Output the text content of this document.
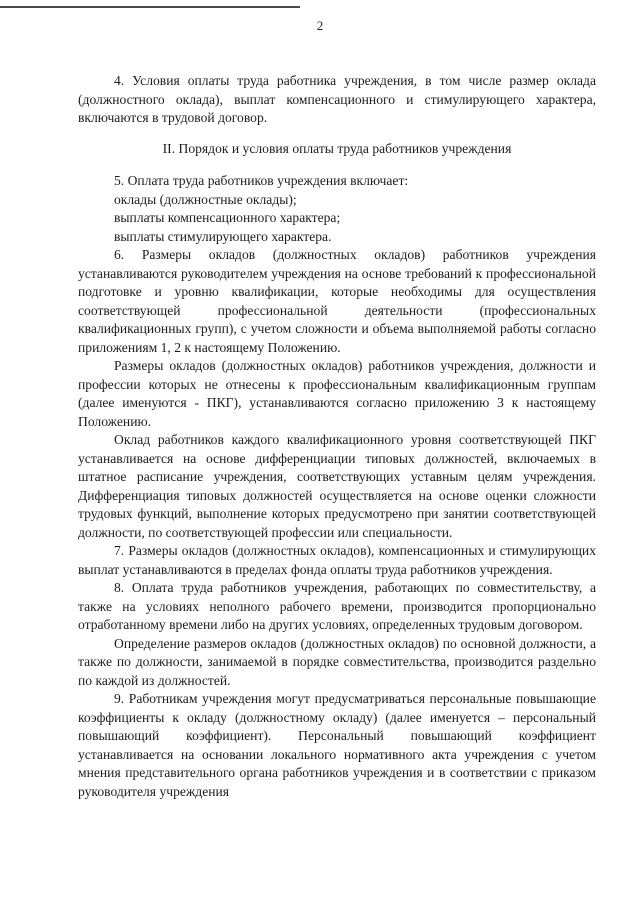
2

4. Условия оплаты труда работника учреждения, в том числе размер оклада (должностного оклада), выплат компенсационного и стимулирующего характера, включаются в трудовой договор.

II. Порядок и условия оплаты труда работников учреждения

5. Оплата труда работников учреждения включает:

оклады (должностные оклады);

выплаты компенсационного характера;

выплаты стимулирующего характера.

6. Размеры окладов (должностных окладов) работников учреждения устанавливаются руководителем учреждения на основе требований к профессиональной подготовке и уровню квалификации, которые необходимы для осуществления соответствующей профессиональной деятельности (профессиональных квалификационных групп), с учетом сложности и объема выполняемой работы согласно приложениям 1, 2 к настоящему Положению.

Размеры окладов (должностных окладов) работников учреждения, должности и профессии которых не отнесены к профессиональным квалификационным группам (далее именуются - ПКГ), устанавливаются согласно приложению 3 к настоящему Положению.

Оклад работников каждого квалификационного уровня соответствующей ПКГ устанавливается на основе дифференциации типовых должностей, включаемых в штатное расписание учреждения, соответствующих уставным целям учреждения. Дифференциация типовых должностей осуществляется на основе оценки сложности трудовых функций, выполнение которых предусмотрено при занятии соответствующей должности, по соответствующей профессии или специальности.

7. Размеры окладов (должностных окладов), компенсационных и стимулирующих выплат устанавливаются в пределах фонда оплаты труда работников учреждения.

8. Оплата труда работников учреждения, работающих по совместительству, а также на условиях неполного рабочего времени, производится пропорционально отработанному времени либо на других условиях, определенных трудовым договором.

Определение размеров окладов (должностных окладов) по основной должности, а также по должности, занимаемой в порядке совместительства, производится раздельно по каждой из должностей.

9. Работникам учреждения могут предусматриваться персональные повышающие коэффициенты к окладу (должностному окладу) (далее именуется – персональный повышающий коэффициент). Персональный повышающий коэффициент устанавливается на основании локального нормативного акта учреждения с учетом мнения представительного органа работников учреждения и в соответствии с приказом руководителя учреждения
